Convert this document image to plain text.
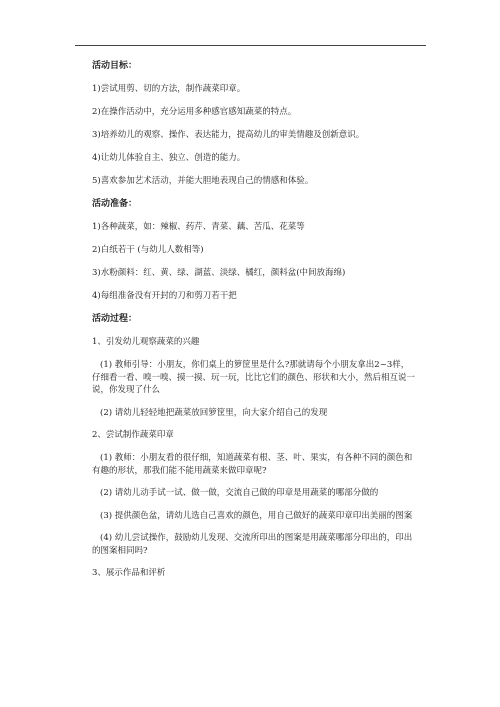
活动目标：
1)尝试用剪、切的方法，制作蔬菜印章。
2)在操作活动中，充分运用多种感官感知蔬菜的特点。
3)培养幼儿的观察、操作、表达能力，提高幼儿的审美情趣及创新意识。
4)让幼儿体验自主、独立、创造的能力。
5)喜欢参加艺术活动，并能大胆地表现自己的情感和体验。
活动准备：
1)各种蔬菜，如：辣椒、药芹、青菜、藕、苦瓜、花菜等
2)白纸若干 (与幼儿人数相等)
3)水粉颜料：红、黄、绿、湖蓝、淡绿、橘红，颜料盆(中间放海绵)
4)每组准备没有开封的刀和剪刀若干把
活动过程：
1、引发幼儿观察蔬菜的兴趣
(1) 教师引导：小朋友，你们桌上的箩筐里是什么?那就请每个小朋友拿出2~3样，仔细看一看、嗅一嗅、摸一摸、玩一玩，比比它们的颜色、形状和大小，然后相互说一说，你发现了什么
(2) 请幼儿轻轻地把蔬菜放回箩筐里，向大家介绍自己的发现
2、尝试制作蔬菜印章
(1) 教师：小朋友看的很仔细，知道蔬菜有根、茎、叶、果实，有各种不同的颜色和有趣的形状，那我们能不能用蔬菜来做印章呢?
(2) 请幼儿动手试一试、做一做，交流自己做的印章是用蔬菜的哪部分做的
(3) 提供颜色盆，请幼儿选自己喜欢的颜色，用自己做好的蔬菜印章印出美丽的图案
(4) 幼儿尝试操作，鼓励幼儿发现、交流所印出的图案是用蔬菜哪部分印出的，印出的图案相同吗?
3、展示作品和评析
